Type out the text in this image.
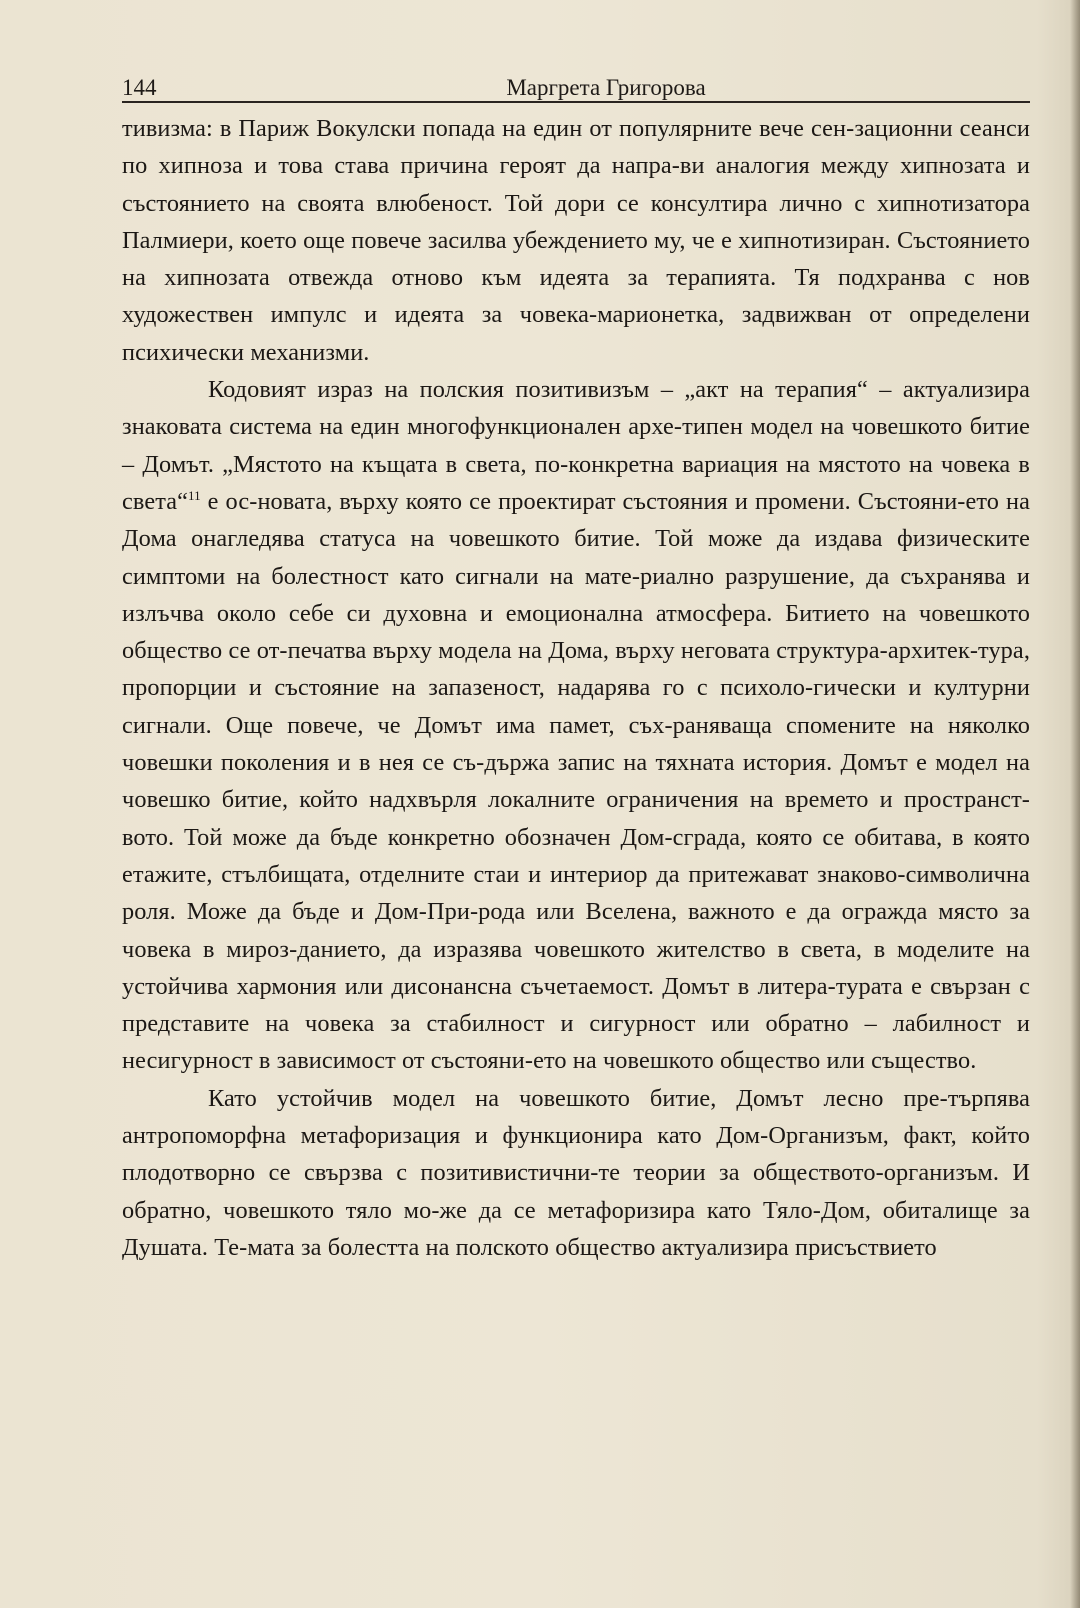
144	Маргрета Григорова

тивизма: в Париж Вокулски попада на един от популярните вече сен-зационни сеанси по хипноза и това става причина героят да напра-ви аналогия между хипнозата и състоянието на своята влюбеност. Той дори се консултира лично с хипнотизатора Палмиери, което още повече засилва убеждението му, че е хипнотизиран. Състоянието на хипнозата отвежда отново към идеята за терапията. Тя подхранва с нов художествен импулс и идеята за човека-марионетка, задвижван от определени психически механизми.

Кодовият израз на полския позитивизъм – „акт на терапия“ – актуализира знаковата система на един многофункционален архе-типен модел на човешкото битие – Домът. „Мястото на къщата в света, по-конкретна вариация на мястото на човека в света“$^{11}$ е ос-новата, върху която се проектират състояния и промени. Състояни-ето на Дома онагледява статуса на човешкото битие. Той може да издава физическите симптоми на болестност като сигнали на мате-риално разрушение, да съхранява и излъчва около себе си духовна и емоционална атмосфера. Битието на човешкото общество се от-печатва върху модела на Дома, върху неговата структура-архитек-тура, пропорции и състояние на запазеност, надарява го с психоло-гически и културни сигнали. Още повече, че Домът има памет, съх-раняваща спомените на няколко човешки поколения и в нея се съ-държа запис на тяхната история. Домът е модел на човешко битие, който надхвърля локалните ограничения на времето и пространст-вото. Той може да бъде конкретно обозначен Дом-сграда, която се обитава, в която етажите, стълбищата, отделните стаи и интериор да притежават знаково-символична роля. Може да бъде и Дом-При-рода или Вселена, важното е да огражда място за човека в мироз-данието, да изразява човешкото жителство в света, в моделите на устойчива хармония или дисонансна съчетаемост. Домът в литера-турата е свързан с представите на човека за стабилност и сигурност или обратно – лабилност и несигурност в зависимост от състояни-ето на човешкото общество или същество.

Като устойчив модел на човешкото битие, Домът лесно пре-търпява антропоморфна метафоризация и функционира като Дом-Организъм, факт, който плодотворно се свързва с позитивистични-те теории за обществото-организъм. И обратно, човешкото тяло мо-же да се метафоризира като Тяло-Дом, обиталище за Душата. Те-мата за болестта на полското общество актуализира присъствието
